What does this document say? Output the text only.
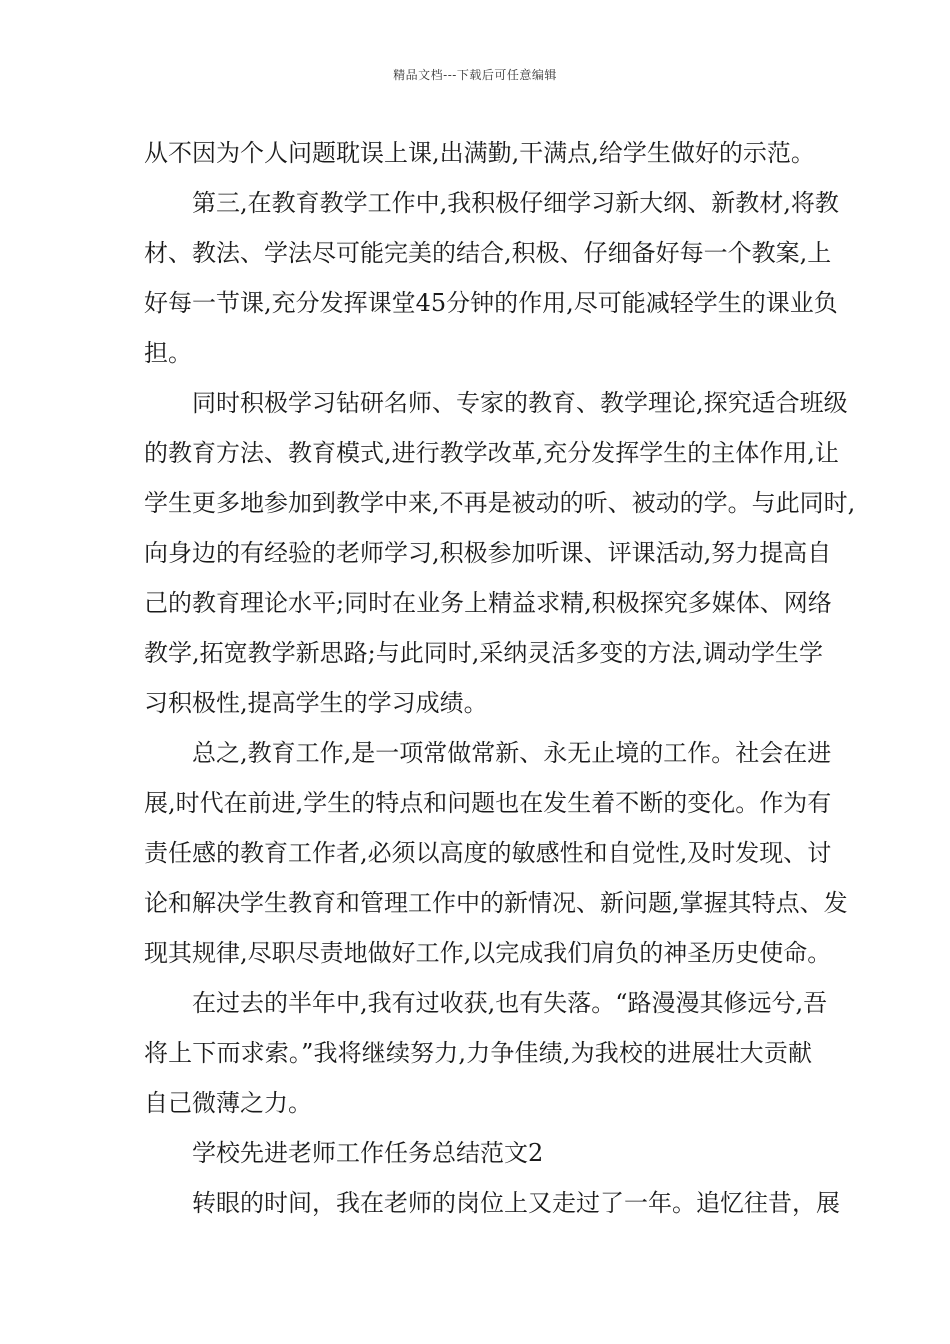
精品文档---下载后可任意编辑
从不因为个人问题耽误上课,出满勤,干满点,给学生做好的示范。
第三,在教育教学工作中,我积极仔细学习新大纲、新教材,将教
材、教法、学法尽可能完美的结合,积极、仔细备好每一个教案,上
好每一节课,充分发挥课堂45分钟的作用,尽可能减轻学生的课业负
担。
同时积极学习钻研名师、专家的教育、教学理论,探究适合班级
的教育方法、教育模式,进行教学改革,充分发挥学生的主体作用,让
学生更多地参加到教学中来,不再是被动的听、被动的学。与此同时,
向身边的有经验的老师学习,积极参加听课、评课活动,努力提高自
己的教育理论水平;同时在业务上精益求精,积极探究多媒体、网络
教学,拓宽教学新思路;与此同时,采纳灵活多变的方法,调动学生学
习积极性,提高学生的学习成绩。
总之,教育工作,是一项常做常新、永无止境的工作。社会在进
展,时代在前进,学生的特点和问题也在发生着不断的变化。作为有
责任感的教育工作者,必须以高度的敏感性和自觉性,及时发现、讨
论和解决学生教育和管理工作中的新情况、新问题,掌握其特点、发
现其规律,尽职尽责地做好工作,以完成我们肩负的神圣历史使命。
在过去的半年中,我有过收获,也有失落。“路漫漫其修远兮,吾
将上下而求索。”我将继续努力,力争佳绩,为我校的进展壮大贡献
自己微薄之力。
学校先进老师工作任务总结范文2
转眼的时间，我在老师的岗位上又走过了一年。追忆往昔，展
